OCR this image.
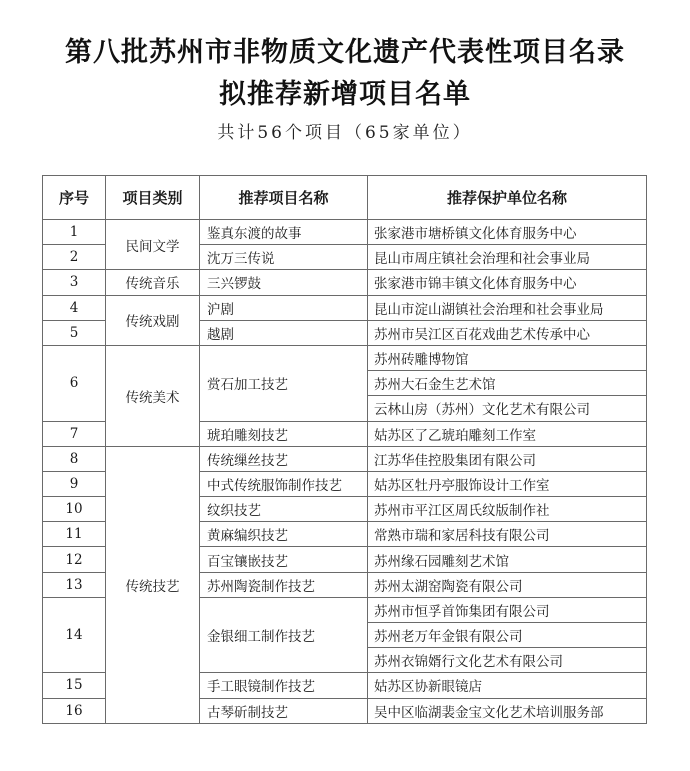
第八批苏州市非物质文化遗产代表性项目名录
拟推荐新增项目名单
共计56个项目（65家单位）
序号	项目类别	推荐项目名称	推荐保护单位名称
1	民间文学	鉴真东渡的故事	张家港市塘桥镇文化体育服务中心
2		沈万三传说	昆山市周庄镇社会治理和社会事业局
3	传统音乐	三兴锣鼓	张家港市锦丰镇文化体育服务中心
4	传统戏剧	沪剧	昆山市淀山湖镇社会治理和社会事业局
5		越剧	苏州市吴江区百花戏曲艺术传承中心
6	传统美术	赏石加工技艺	苏州砖雕博物馆
			苏州大石金生艺术馆
			云林山房（苏州）文化艺术有限公司
7		琥珀雕刻技艺	姑苏区了乙琥珀雕刻工作室
8	传统技艺	传统缫丝技艺	江苏华佳控股集团有限公司
9		中式传统服饰制作技艺	姑苏区牡丹亭服饰设计工作室
10		纹织技艺	苏州市平江区周氏纹版制作社
11		黄麻编织技艺	常熟市瑞和家居科技有限公司
12		百宝镶嵌技艺	苏州缘石园雕刻艺术馆
13		苏州陶瓷制作技艺	苏州太湖窑陶瓷有限公司
14		金银细工制作技艺	苏州市恒孚首饰集团有限公司
			苏州老万年金银有限公司
			苏州衣锦婿行文化艺术有限公司
15		手工眼镜制作技艺	姑苏区协新眼镜店
16		古琴斫制技艺	吴中区临湖裴金宝文化艺术培训服务部
